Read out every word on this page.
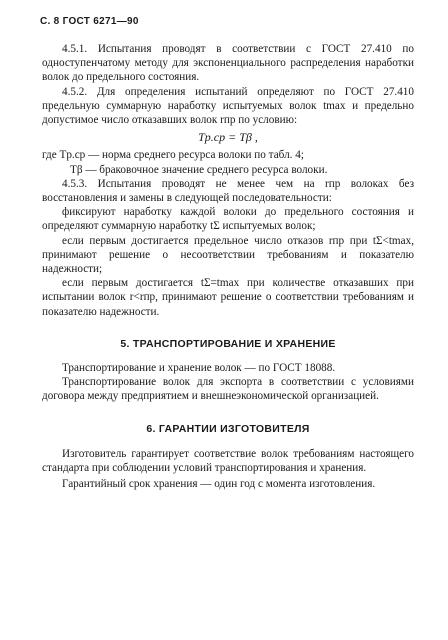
С. 8 ГОСТ 6271—90

4.5.1. Испытания проводят в соответствии с ГОСТ 27.410 по одноступенчатому методу для экспоненциального распределения наработки волок до предельного состояния.

4.5.2. Для определения испытаний определяют по ГОСТ 27.410 предельную суммарную наработку испытуемых волок tmax и предельно допустимое число отказавших волок rпр по условию:

Tр.ср = Tβ ,

где Tр.ср — норма среднего ресурса волоки по табл. 4;

Tβ — браковочное значение среднего ресурса волоки.

4.5.3. Испытания проводят не менее чем на rпр волоках без восстановления и замены в следующей последовательности:

фиксируют наработку каждой волоки до предельного состояния и определяют суммарную наработку tΣ испытуемых волок;

если первым достигается предельное число отказов rпр при tΣ<tmax, принимают решение о несоответствии требованиям и показателю надежности;

если первым достигается tΣ=tmax при количестве отказавших при испытании волок r<rпр, принимают решение о соответствии требованиям и показателю надежности.

5. ТРАНСПОРТИРОВАНИЕ И ХРАНЕНИЕ

Транспортирование и хранение волок — по ГОСТ 18088.

Транспортирование волок для экспорта в соответствии с условиями договора между предприятием и внешнеэкономической организацией.

6. ГАРАНТИИ ИЗГОТОВИТЕЛЯ

Изготовитель гарантирует соответствие волок требованиям настоящего стандарта при соблюдении условий транспортирования и хранения.

Гарантийный срок хранения — один год с момента изготовления.
